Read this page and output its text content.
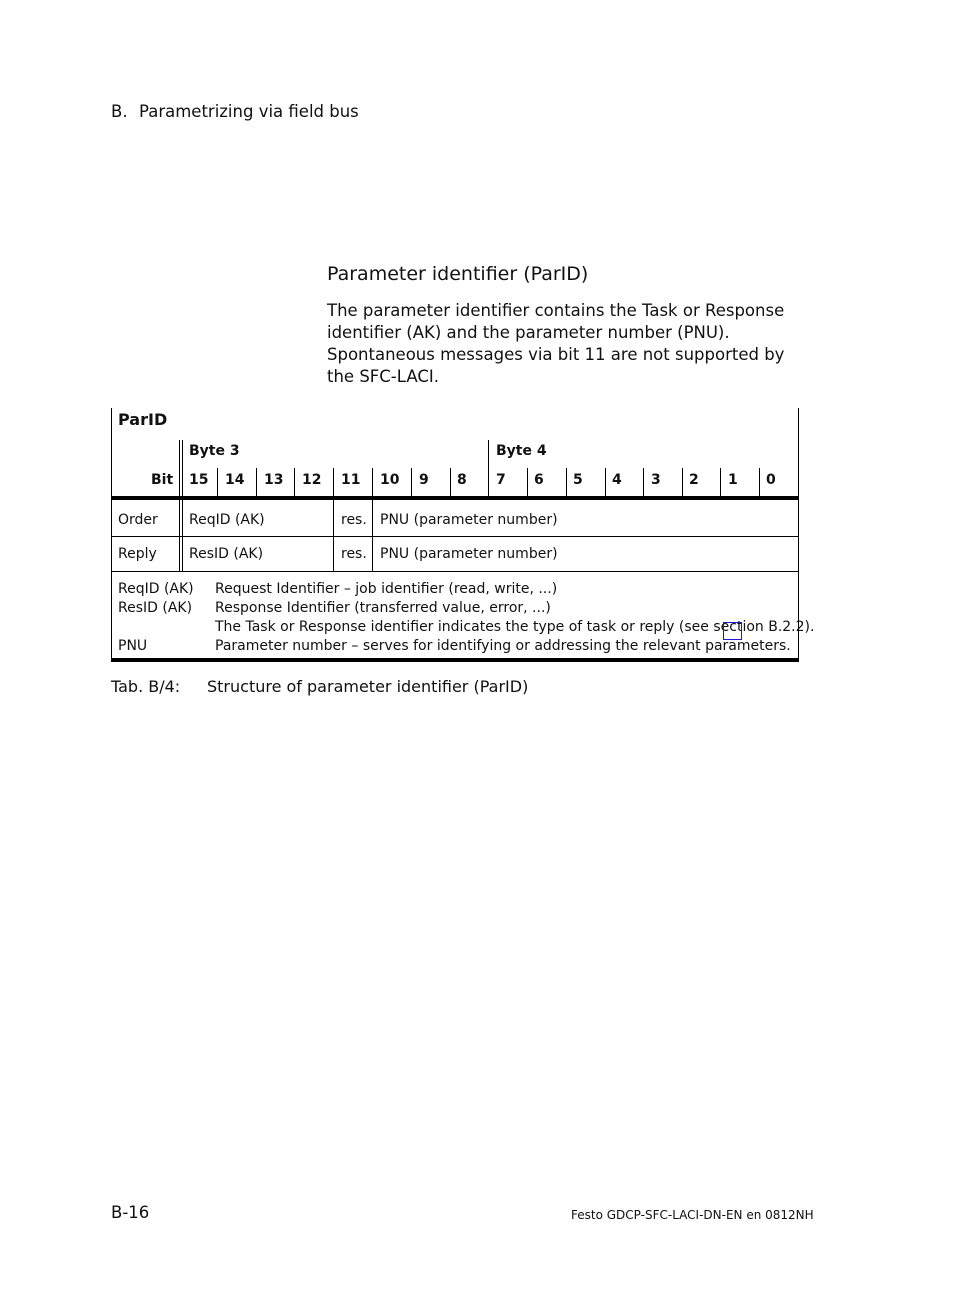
B. Parametrizing via field bus
Parameter identifier (ParID)
The parameter identifier contains the Task or Response identifier (AK) and the parameter number (PNU).
Spontaneous messages via bit 11 are not supported by the SFC-LACI.
ParID
Byte 3	Byte 4
Bit 15 14 13 12 11 10 9 8 7 6 5 4 3 2 1 0
Order ReqID (AK)	res. PNU (parameter number)
Reply ResID (AK)	res. PNU (parameter number)
ReqID (AK) Request Identifier – job identifier (read, write, ...)
ResID (AK) Response Identifier (transferred value, error, ...)
The Task or Response identifier indicates the type of task or reply (see section B.2.2).
PNU	Parameter number – serves for identifying or addressing the relevant parameters.
Tab. B/4: Structure of parameter identifier (ParID)
B-16	Festo GDCP-SFC-LACI-DN-EN en 0812NH
